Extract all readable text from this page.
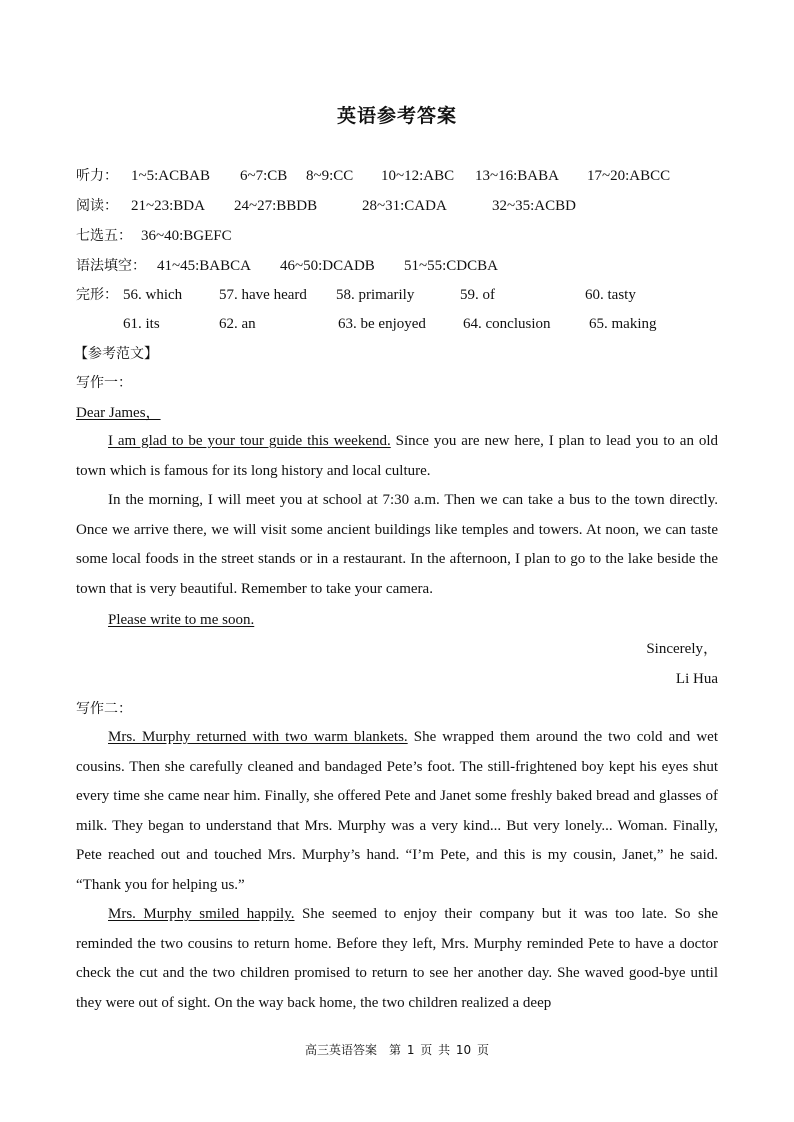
英语参考答案
听力： 1~5:ACBAB 6~7:CB 8~9:CC 10~12:ABC 13~16:BABA 17~20:ABCC
阅读： 21~23:BDA 24~27:BBDB	28~31:CADA	32~35:ACBD
七选五： 36~40:BGEFC
语法填空： 41~45:BABCA 46~50:DCADB 51~55:CDCBA
完形： 56. which 57. have heard 58. primarily	59. of	60. tasty
61. its	62. an	63. be enjoyed 64. conclusion	65. making
【参考范文】
写作一：
Dear James，

I am glad to be your tour guide this weekend. Since you are new here, I plan to lead you to an old town which is famous for its long history and local culture.

In the morning, I will meet you at school at 7:30 a.m. Then we can take a bus to the town directly. Once we arrive there, we will visit some ancient buildings like temples and towers. At noon, we can taste some local foods in the street stands or in a restaurant. In the afternoon, I plan to go to the lake beside the town that is very beautiful. Remember to take your camera.

Please write to me soon.
Sincerely，
Li Hua
写作二：

Mrs. Murphy returned with two warm blankets. She wrapped them around the two cold and wet cousins. Then she carefully cleaned and bandaged Pete’s foot. The still-frightened boy kept his eyes shut every time she came near him. Finally, she offered Pete and Janet some freshly baked bread and glasses of milk. They began to understand that Mrs. Murphy was a very kind... But very lonely... Woman. Finally, Pete reached out and touched Mrs. Murphy’s hand. “I’m Pete, and this is my cousin, Janet,” he said. “Thank you for helping us.”

Mrs. Murphy smiled happily. She seemed to enjoy their company but it was too late. So she reminded the two cousins to return home. Before they left, Mrs. Murphy reminded Pete to have a doctor check the cut and the two children promised to return to see her another day. She waved good-bye until they were out of sight. On the way back home, the two children realized a deep

高三英语答案　第 1 页 共 10 页
